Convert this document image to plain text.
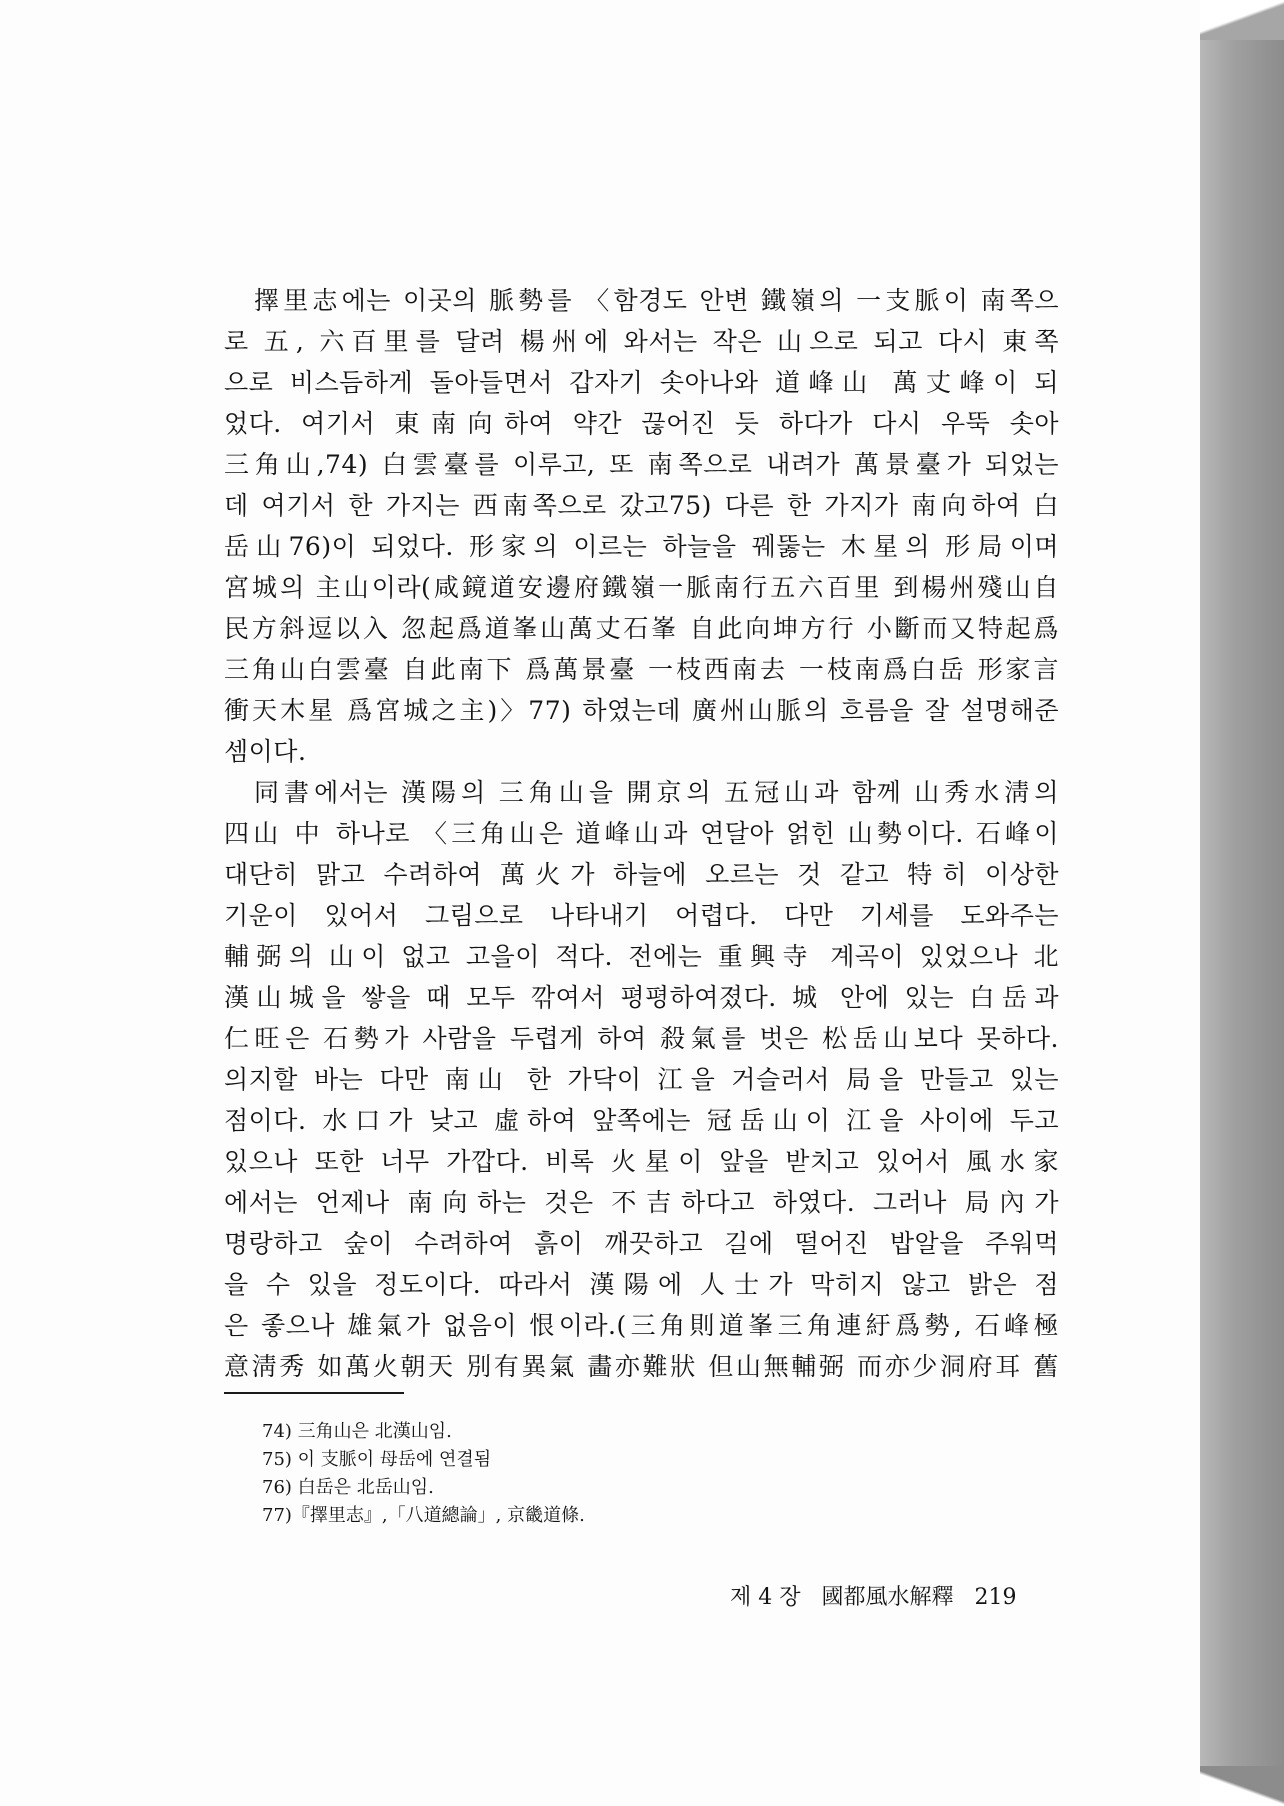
擇里志에는 이곳의 脈勢를 〈함경도 안변 鐵嶺의 一支脈이 南쪽으
로 五, 六百里를 달려 楊州에 와서는 작은 山으로 되고 다시 東쪽
으로 비스듬하게 돌아들면서 갑자기 솟아나와 道峰山 萬丈峰이 되
었다. 여기서 東南向하여 약간 끊어진 듯 하다가 다시 우뚝 솟아
三角山,74) 白雲臺를 이루고, 또 南쪽으로 내려가 萬景臺가 되었는
데 여기서 한 가지는 西南쪽으로 갔고75) 다른 한 가지가 南向하여 白
岳山76)이 되었다. 形家의 이르는 하늘을 꿰뚫는 木星의 形局이며
宮城의 主山이라(咸鏡道安邊府鐵嶺一脈南行五六百里 到楊州殘山自
民方斜逗以入 忽起爲道峯山萬丈石峯 自此向坤方行 小斷而又特起爲
三角山白雲臺 自此南下 爲萬景臺 一枝西南去 一枝南爲白岳 形家言
衝天木星 爲宮城之主)〉77) 하였는데 廣州山脈의 흐름을 잘 설명해준
셈이다.
同書에서는 漢陽의 三角山을 開京의 五冠山과 함께 山秀水淸의
四山 中 하나로 〈三角山은 道峰山과 연달아 얽힌 山勢이다. 石峰이
대단히 맑고 수려하여 萬火가 하늘에 오르는 것 같고 特히 이상한
기운이 있어서 그림으로 나타내기 어렵다. 다만 기세를 도와주는
輔弼의 山이 없고 고을이 적다. 전에는 重興寺 계곡이 있었으나 北
漢山城을 쌓을 때 모두 깎여서 평평하여졌다. 城 안에 있는 白岳과
仁旺은 石勢가 사람을 두렵게 하여 殺氣를 벗은 松岳山보다 못하다.
의지할 바는 다만 南山 한 가닥이 江을 거슬러서 局을 만들고 있는
점이다. 水口가 낮고 虛하여 앞쪽에는 冠岳山이 江을 사이에 두고
있으나 또한 너무 가깝다. 비록 火星이 앞을 받치고 있어서 風水家
에서는 언제나 南向하는 것은 不吉하다고 하였다. 그러나 局內가
명랑하고 숲이 수려하여 흙이 깨끗하고 길에 떨어진 밥알을 주워먹
을 수 있을 정도이다. 따라서 漢陽에 人士가 막히지 않고 밝은 점
은 좋으나 雄氣가 없음이 恨이라.(三角則道峯三角連紆爲勢, 石峰極
意淸秀 如萬火朝天 別有異氣 畵亦難狀 但山無輔弼 而亦少洞府耳 舊
74) 三角山은 北漢山임.
75) 이 支脈이 母岳에 연결됨
76) 白岳은 北岳山임.
77)『擇里志』,「八道總論」, 京畿道條.
제 4 장 國都風水解釋 219
